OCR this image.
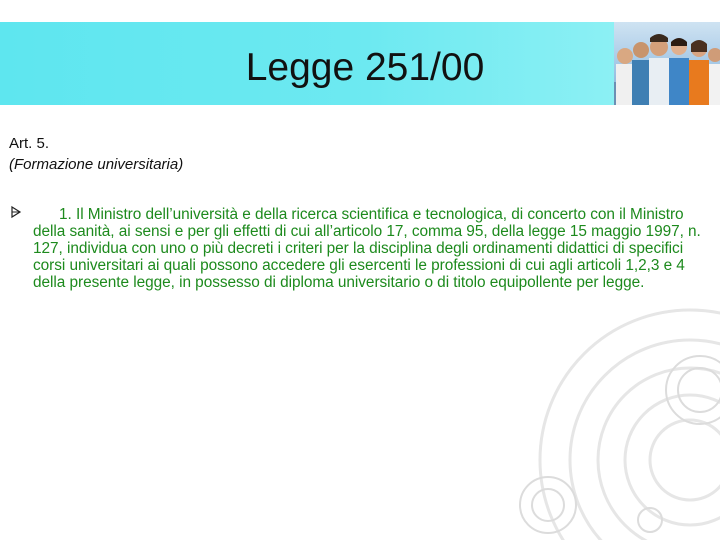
Legge 251/00
Art. 5.
(Formazione universitaria)
1. Il Ministro dell’università e della ricerca scientifica e tecnologica, di concerto con il Ministro della sanità, ai sensi e per gli effetti di cui all’articolo 17, comma 95, della legge 15 maggio 1997, n. 127, individua con uno o più decreti i criteri per la disciplina degli ordinamenti didattici di specifici corsi universitari ai quali possono accedere gli esercenti le professioni di cui agli articoli 1,2,3 e 4 della presente legge, in possesso di diploma universitario o di titolo equipollente per legge.
